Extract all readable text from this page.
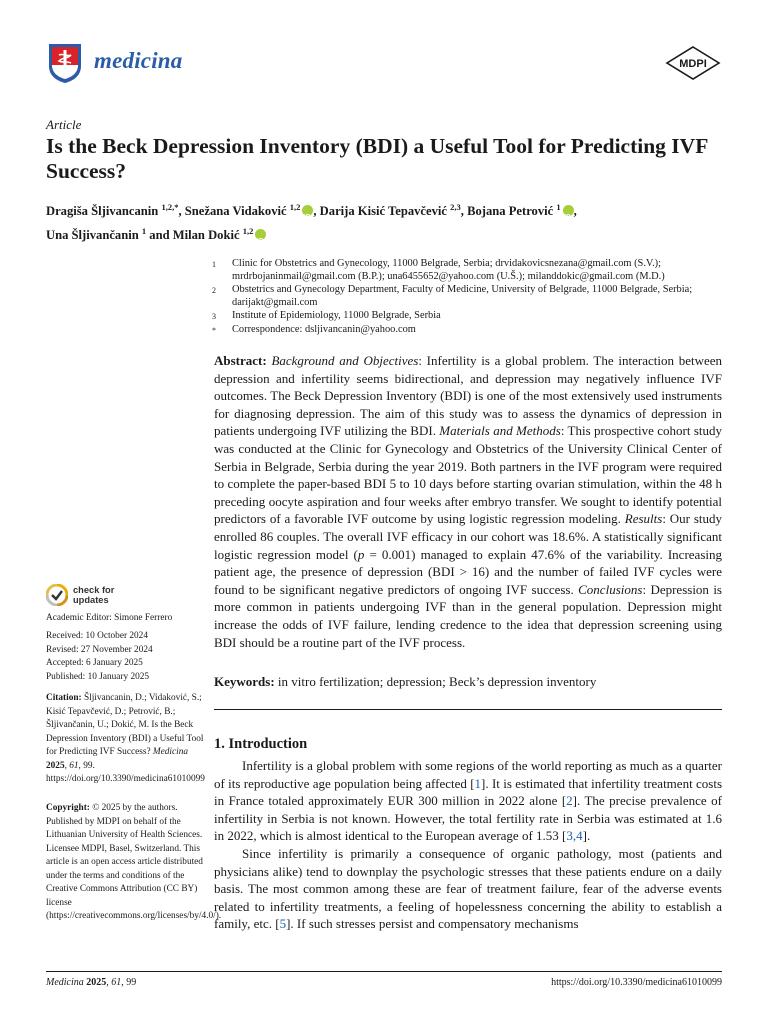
medicina	MDPI
Article
Is the Beck Depression Inventory (BDI) a Useful Tool for Predicting IVF Success?
Dragiša Šljivancanin $^{1,2,*}$, Snežana Vidaković $^{1,2}$ iD , Darija Kisić Tepavčević $^{2,3}$, Bojana Petrović $^1$ iD ,
Una Šljivančanin $^1$ and Milan Dokić $^{1,2}$iD
1	Clinic for Obstetrics and Gynecology, 11000 Belgrade, Serbia; drvidakovicsnezana@gmail.com (S.V.); mrdrbojaninmail@gmail.com (B.P.); una6455652@yahoo.com (U.Š.); milanddokic@gmail.com (M.D.)
2	Obstetrics and Gynecology Department, Faculty of Medicine, University of Belgrade, 11000 Belgrade, Serbia; darijakt@gmail.com
3	Institute of Epidemiology, 11000 Belgrade, Serbia
*	Correspondence: dsljivancanin@yahoo.com
Abstract: Background and Objectives: Infertility is a global problem. The interaction between depression and infertility seems bidirectional, and depression may negatively influence IVF outcomes. The Beck Depression Inventory (BDI) is one of the most extensively used instruments for diagnosing depression. The aim of this study was to assess the dynamics of depression in patients undergoing IVF utilizing the BDI. Materials and Methods: This prospective cohort study was conducted at the Clinic for Gynecology and Obstetrics of the University Clinical Center of Serbia in Belgrade, Serbia during the year 2019. Both partners in the IVF program were required to complete the paper-based BDI 5 to 10 days before starting ovarian stimulation, within the 48 h preceding oocyte aspiration and four weeks after embryo transfer. We sought to identify potential predictors of a favorable IVF outcome by using logistic regression modeling. Results: Our study enrolled 86 couples. The overall IVF efficacy in our cohort was 18.6%. A statistically significant logistic regression model (p = 0.001) managed to explain 47.6% of the variability. Increasing patient age, the presence of depression (BDI > 16) and the number of failed IVF cycles were found to be significant negative predictors of ongoing IVF success. Conclusions: Depression is more common in patients undergoing IVF than in the general population. Depression might increase the odds of IVF failure, lending credence to the idea that depression screening using BDI should be a routine part of the IVF process.
Keywords: in vitro fertilization; depression; Beck’s depression inventory
1. Introduction

Infertility is a global problem with some regions of the world reporting as much as a quarter of its reproductive age population being affected [1]. It is estimated that infertility treatment costs in France totaled approximately EUR 300 million in 2022 alone [2]. The precise prevalence of infertility in Serbia is not known. However, the total fertility rate in Serbia was estimated at 1.6 in 2022, which is almost identical to the European average of 1.53 [3,4].

Since infertility is primarily a consequence of organic pathology, most (patients and physicians alike) tend to downplay the psychologic stresses that these patients endure on a daily basis. The most common among these are fear of treatment failure, fear of the adverse events related to infertility treatments, a feeling of hopelessness concerning the ability to establish a family, etc. [5]. If such stresses persist and compensatory mechanisms

check for
updates
Academic Editor: Simone Ferrero
Received: 10 October 2024
Revised: 27 November 2024
Accepted: 6 January 2025
Published: 10 January 2025
Citation: Šljivancanin, D.; Vidaković, S.; Kisić Tepavčević, D.; Petrović, B.; Šljivančanin, U.; Dokić, M. Is the Beck Depression Inventory (BDI) a Useful Tool for Predicting IVF Success? Medicina 2025, 61, 99. https://doi.org/10.3390/medicina61010099
Copyright: © 2025 by the authors. Published by MDPI on behalf of the Lithuanian University of Health Sciences. Licensee MDPI, Basel, Switzerland. This article is an open access article distributed under the terms and conditions of the Creative Commons Attribution (CC BY) license (https://creativecommons.org/licenses/by/4.0/).
Medicina 2025, 61, 99	https://doi.org/10.3390/medicina61010099
